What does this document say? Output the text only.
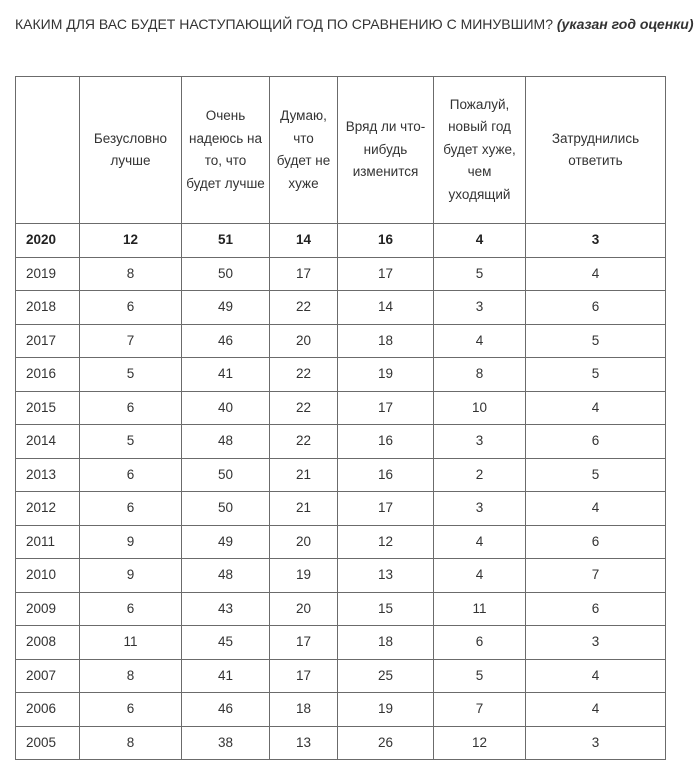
КАКИМ ДЛЯ ВАС БУДЕТ НАСТУПАЮЩИЙ ГОД ПО СРАВНЕНИЮ С МИНУВШИМ? (указан год оценки)
	Безусловно лучше	Очень надеюсь на то, что будет лучше	Думаю, что будет не хуже	Вряд ли что-нибудь изменится	Пожалуй, новый год будет хуже, чем уходящий	Затруднились ответить
2020	12	51	14	16	4	3
2019	8	50	17	17	5	4
2018	6	49	22	14	3	6
2017	7	46	20	18	4	5
2016	5	41	22	19	8	5
2015	6	40	22	17	10	4
2014	5	48	22	16	3	6
2013	6	50	21	16	2	5
2012	6	50	21	17	3	4
2011	9	49	20	12	4	6
2010	9	48	19	13	4	7
2009	6	43	20	15	11	6
2008	11	45	17	18	6	3
2007	8	41	17	25	5	4
2006	6	46	18	19	7	4
2005	8	38	13	26	12	3
